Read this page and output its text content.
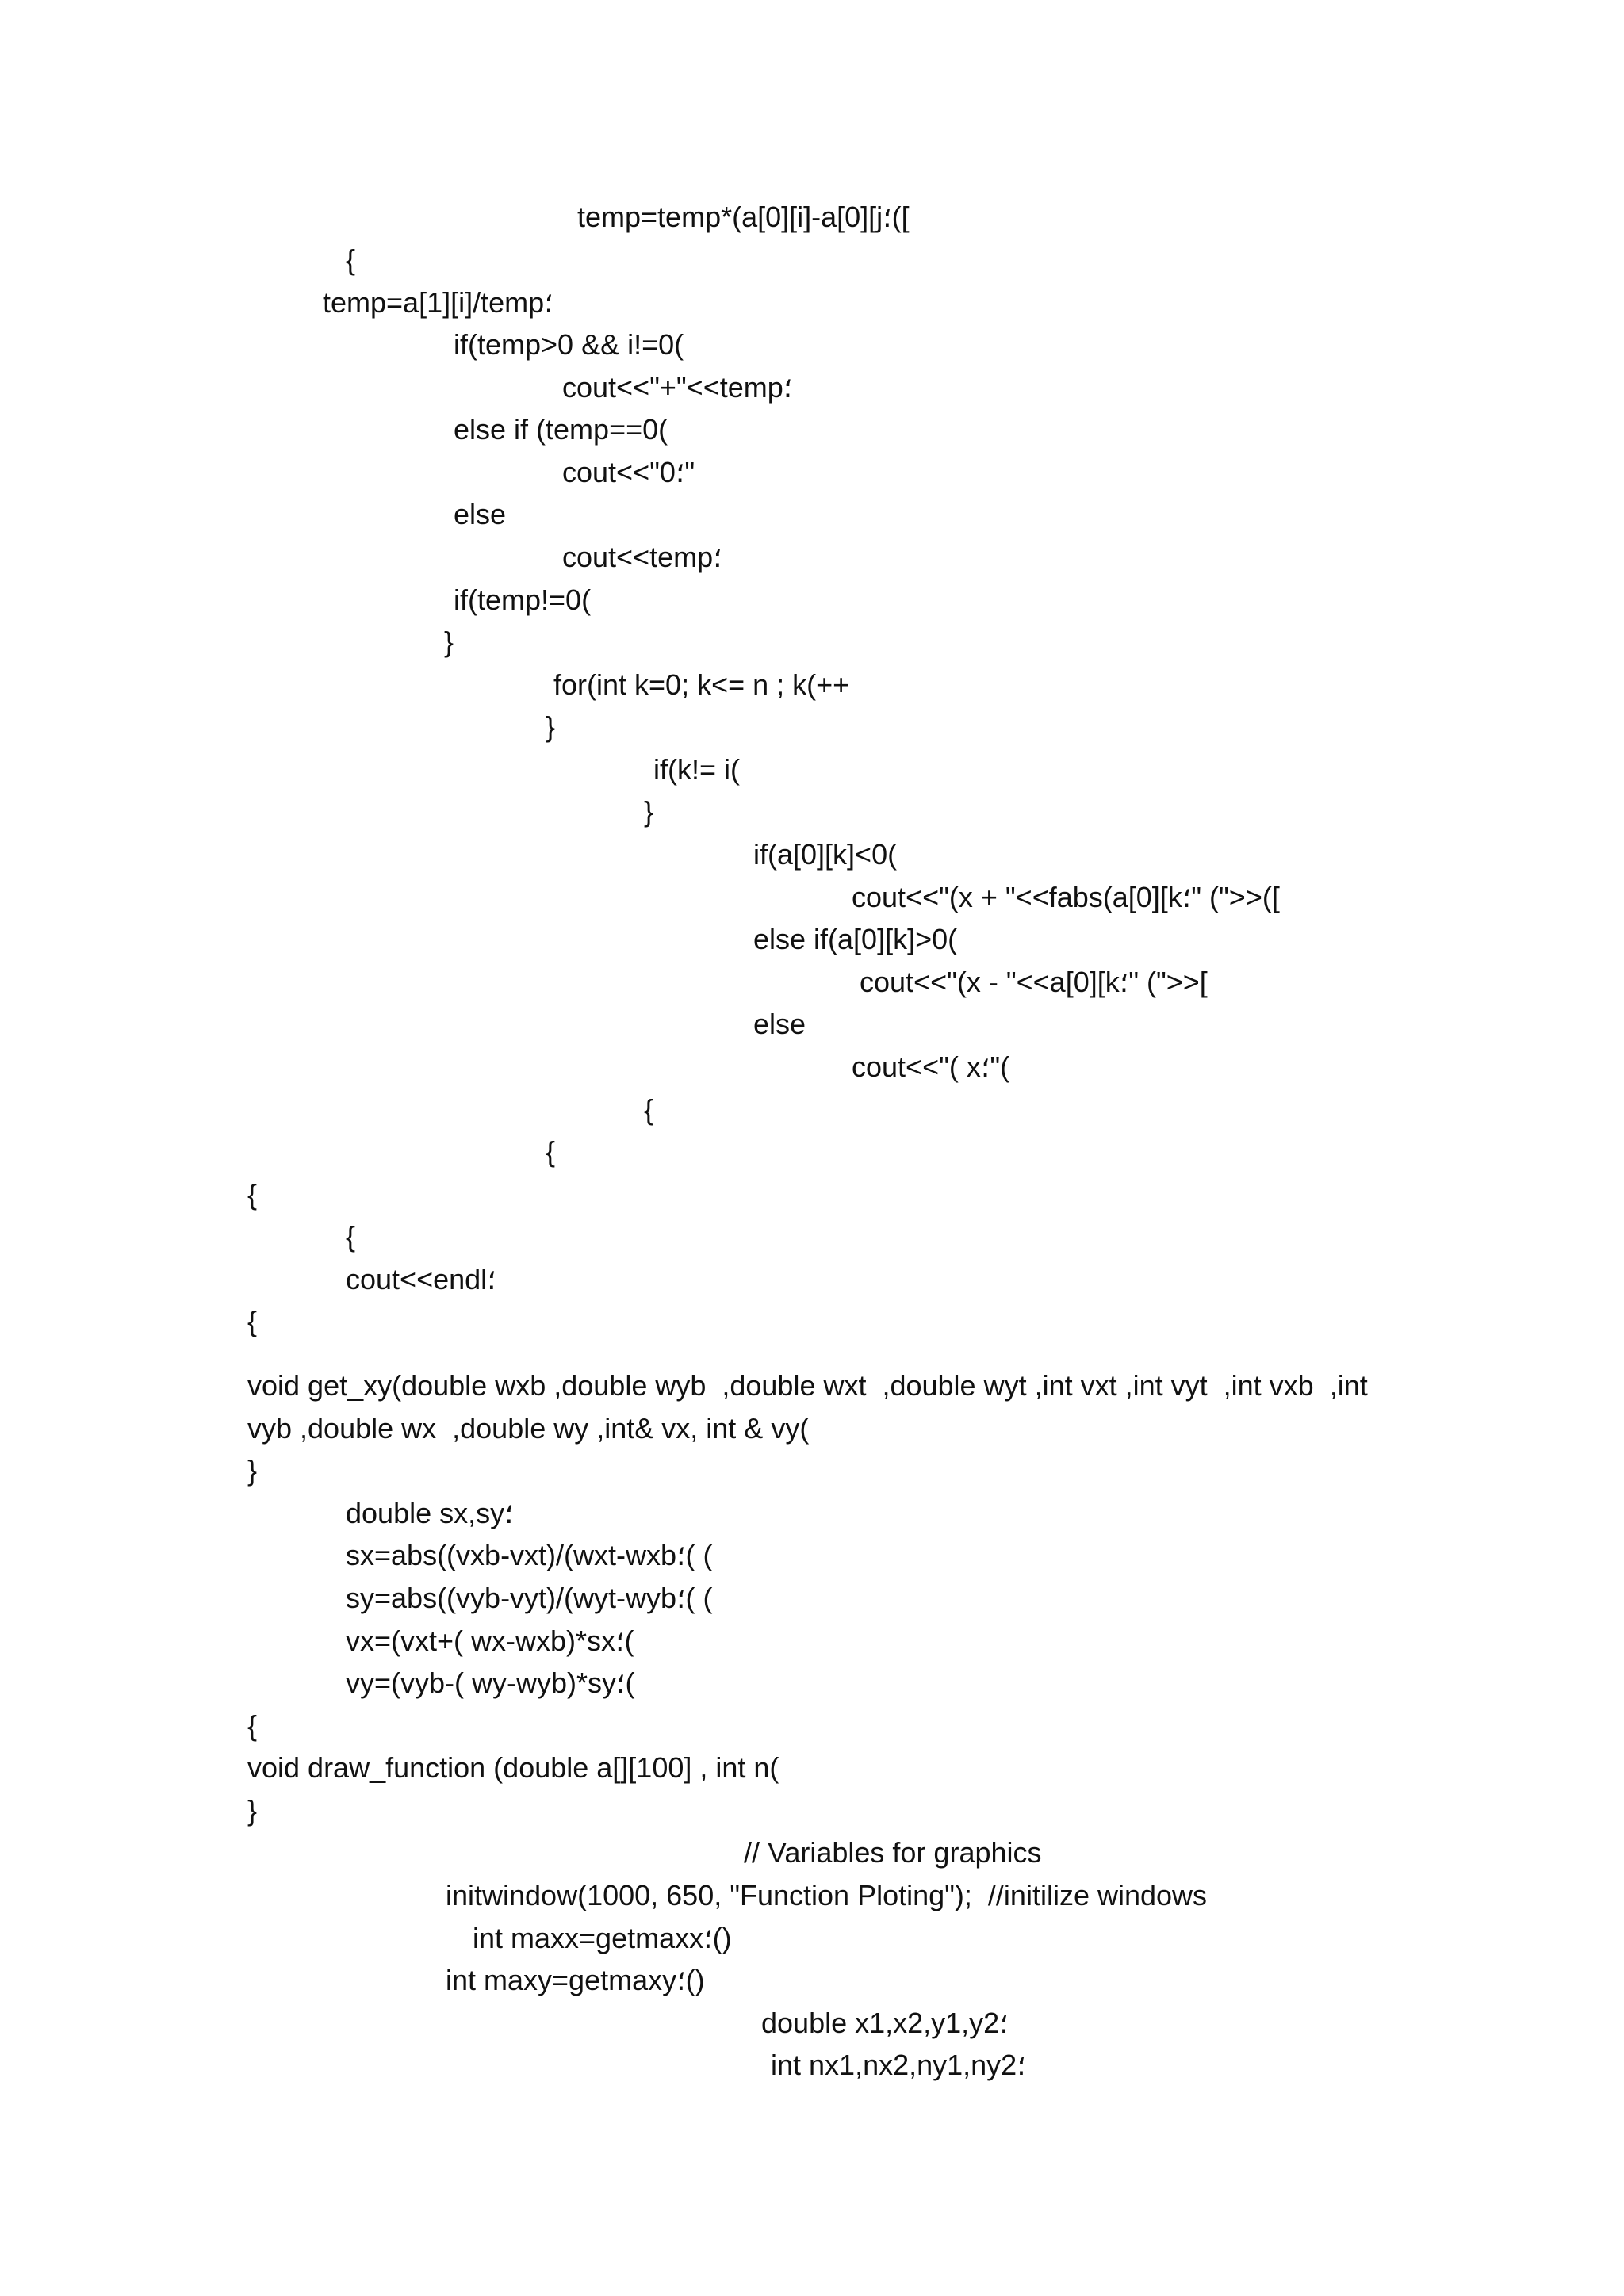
temp=temp*(a[0][i]-a[0][j؛([
{
temp=a[1][i]/temp؛
if(temp>0 && i!=0(
cout<<"+"<<temp؛
else if (temp==0(
cout<<"0؛"
else
cout<<temp؛
if(temp!=0(
}
for(int k=0; k<= n ; k(++
}
if(k!= i(
}
if(a[0][k]<0(
cout<<"(x + "<<fabs(a[0][k؛" (">>([
else if(a[0][k]>0(
cout<<"(x - "<<a[0][k؛" (">>[
else
cout<<"( x؛"(
{
{
{
{
cout<<endl؛
{
void get_xy(double wxb ,double wyb  ,double wxt  ,double wyt ,int vxt ,int vyt  ,int vxb  ,int
vyb ,double wx  ,double wy ,int& vx, int & vy(
}
double sx,sy؛
sx=abs((vxb-vxt)/(wxt-wxb؛( (
sy=abs((vyb-vyt)/(wyt-wyb؛( (
vx=(vxt+( wx-wxb)*sx؛(
vy=(vyb-( wy-wyb)*sy؛(
{
void draw_function (double a[][100] , int n(
}
// Variables for graphics
initwindow(1000, 650, "Function Ploting");  //initilize windows
int maxx=getmaxx؛()
int maxy=getmaxy؛()
double x1,x2,y1,y2؛
int nx1,nx2,ny1,ny2؛
